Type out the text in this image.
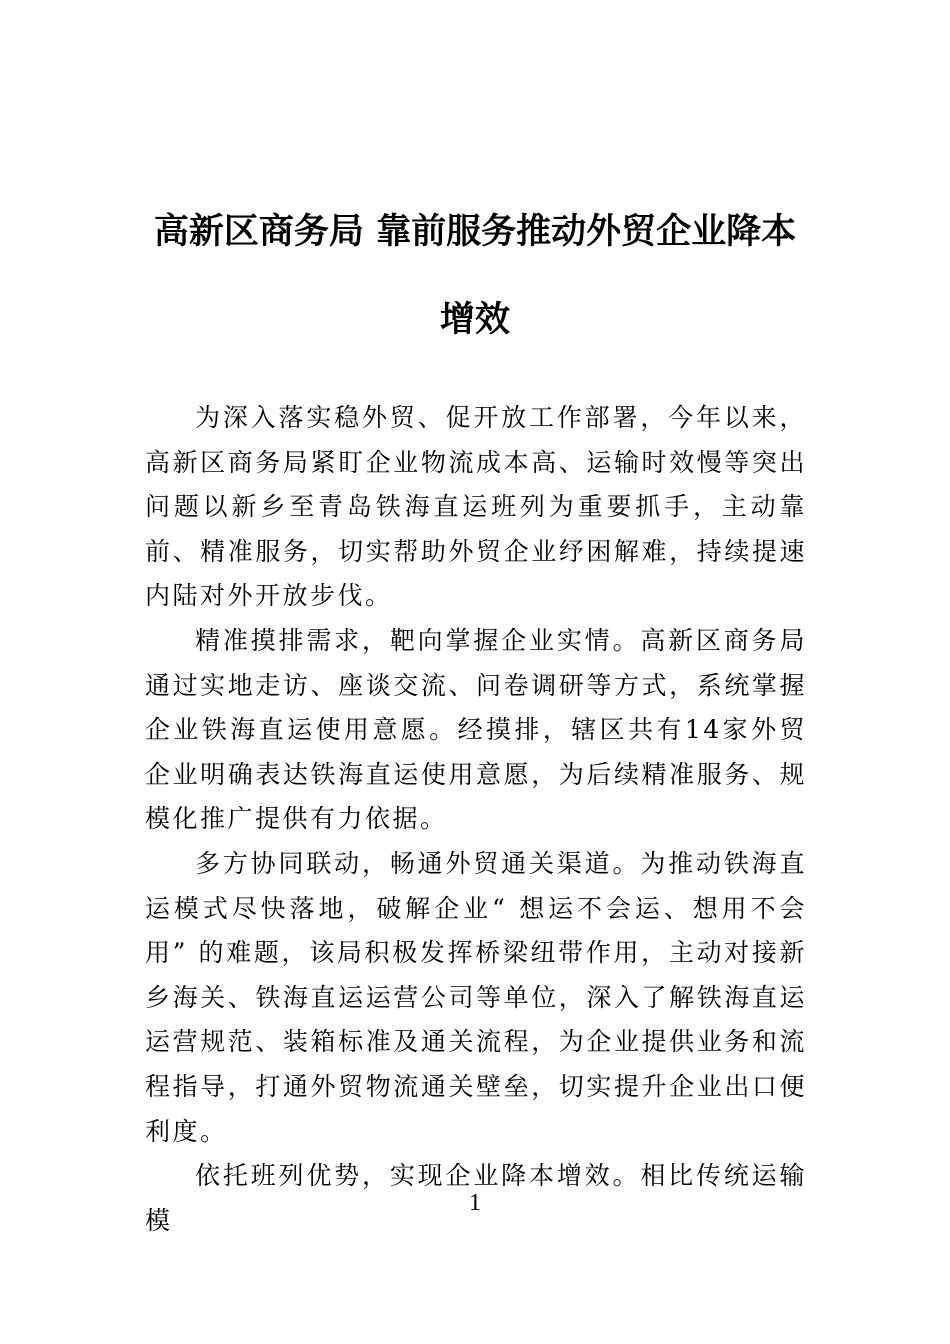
高新区商务局 靠前服务推动外贸企业降本
增效

为深入落实稳外贸、促开放工作部署，今年以来，高新区商务局紧盯企业物流成本高、运输时效慢等突出问题以新乡至青岛铁海直运班列为重要抓手，主动靠前、精准服务，切实帮助外贸企业纾困解难，持续提速内陆对外开放步伐。

精准摸排需求，靶向掌握企业实情。高新区商务局通过实地走访、座谈交流、问卷调研等方式，系统掌握企业铁海直运使用意愿。经摸排，辖区共有14家外贸企业明确表达铁海直运使用意愿，为后续精准服务、规模化推广提供有力依据。

多方协同联动，畅通外贸通关渠道。为推动铁海直运模式尽快落地，破解企业“ 想运不会运、想用不会用” 的难题，该局积极发挥桥梁纽带作用，主动对接新乡海关、铁海直运运营公司等单位，深入了解铁海直运运营规范、装箱标准及通关流程，为企业提供业务和流程指导，打通外贸物流通关壁垒，切实提升企业出口便利度。

依托班列优势，实现企业降本增效。相比传统运输模

1
